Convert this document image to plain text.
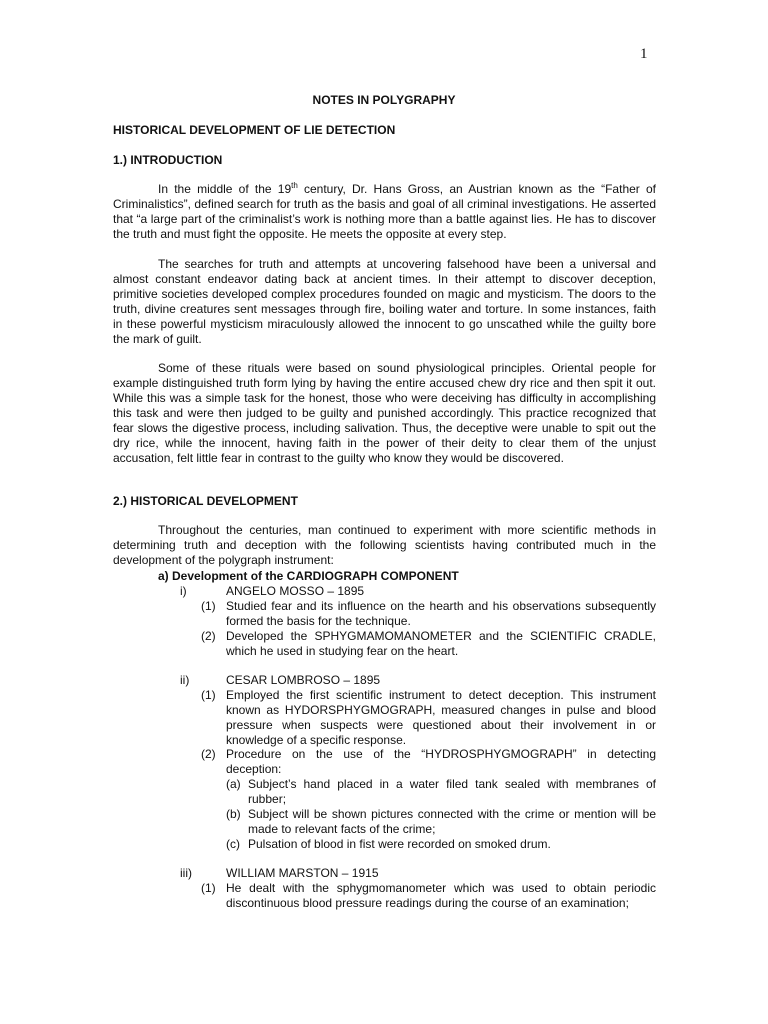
1
NOTES IN POLYGRAPHY
HISTORICAL DEVELOPMENT OF LIE DETECTION
1.) INTRODUCTION

In the middle of the 19th century, Dr. Hans Gross, an Austrian known as the “Father of Criminalistics”, defined search for truth as the basis and goal of all criminal investigations. He asserted that “a large part of the criminalist’s work is nothing more than a battle against lies. He has to discover the truth and must fight the opposite. He meets the opposite at every step.

The searches for truth and attempts at uncovering falsehood have been a universal and almost constant endeavor dating back at ancient times. In their attempt to discover deception, primitive societies developed complex procedures founded on magic and mysticism. The doors to the truth, divine creatures sent messages through fire, boiling water and torture. In some instances, faith in these powerful mysticism miraculously allowed the innocent to go unscathed while the guilty bore the mark of guilt.

Some of these rituals were based on sound physiological principles. Oriental people for example distinguished truth form lying by having the entire accused chew dry rice and then spit it out. While this was a simple task for the honest, those who were deceiving has difficulty in accomplishing this task and were then judged to be guilty and punished accordingly. This practice recognized that fear slows the digestive process, including salivation. Thus, the deceptive were unable to spit out the dry rice, while the innocent, having faith in the power of their deity to clear them of the unjust accusation, felt little fear in contrast to the guilty who know they would be discovered.

2.) HISTORICAL DEVELOPMENT

Throughout the centuries, man continued to experiment with more scientific methods in determining truth and deception with the following scientists having contributed much in the development of the polygraph instrument:

a) Development of the CARDIOGRAPH COMPONENT
i)	ANGELO MOSSO – 1895
(1) Studied fear and its influence on the hearth and his observations subsequently formed the basis for the technique.
(2) Developed the SPHYGMAMOMANOMETER and the SCIENTIFIC CRADLE, which he used in studying fear on the heart.
ii)	CESAR LOMBROSO – 1895
(1) Employed the first scientific instrument to detect deception. This instrument known as HYDORSPHYGMOGRAPH, measured changes in pulse and blood pressure when suspects were questioned about their involvement in or knowledge of a specific response.
(2) Procedure on the use of the “HYDROSPHYGMOGRAPH” in detecting deception:
(a) Subject’s hand placed in a water filed tank sealed with membranes of rubber;
(b) Subject will be shown pictures connected with the crime or mention will be made to relevant facts of the crime;
(c) Pulsation of blood in fist were recorded on smoked drum.
iii)	WILLIAM MARSTON – 1915
(1) He dealt with the sphygmomanometer which was used to obtain periodic discontinuous blood pressure readings during the course of an examination;
